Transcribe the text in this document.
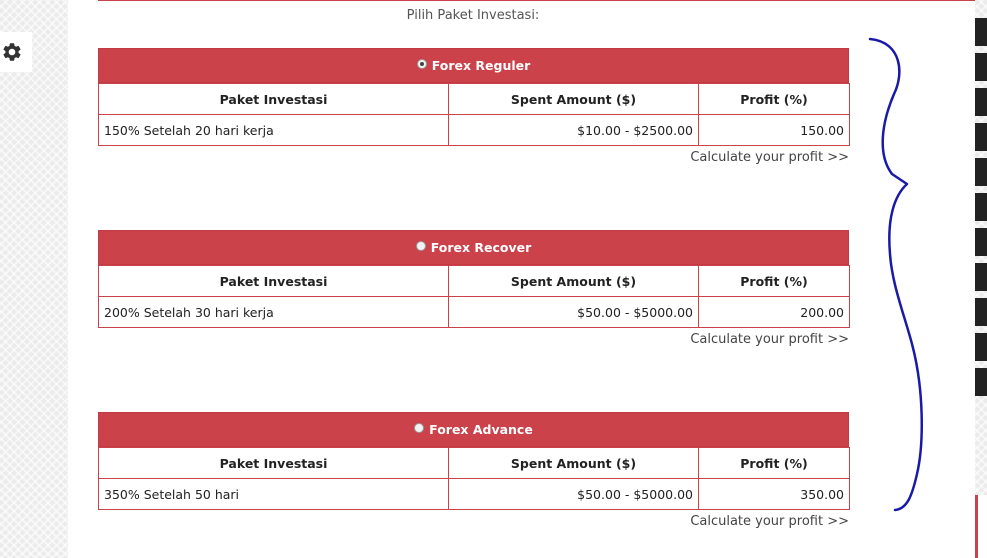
Pilih Paket Investasi:
Forex Reguler
Paket Investasi	Spent Amount ($)	Profit (%)
150% Setelah 20 hari kerja	$10.00 - $2500.00	150.00
Calculate your profit >>
Forex Recover
Paket Investasi	Spent Amount ($)	Profit (%)
200% Setelah 30 hari kerja	$50.00 - $5000.00	200.00
Calculate your profit >>
Forex Advance
Paket Investasi	Spent Amount ($)	Profit (%)
350% Setelah 50 hari	$50.00 - $5000.00	350.00
Calculate your profit >>
